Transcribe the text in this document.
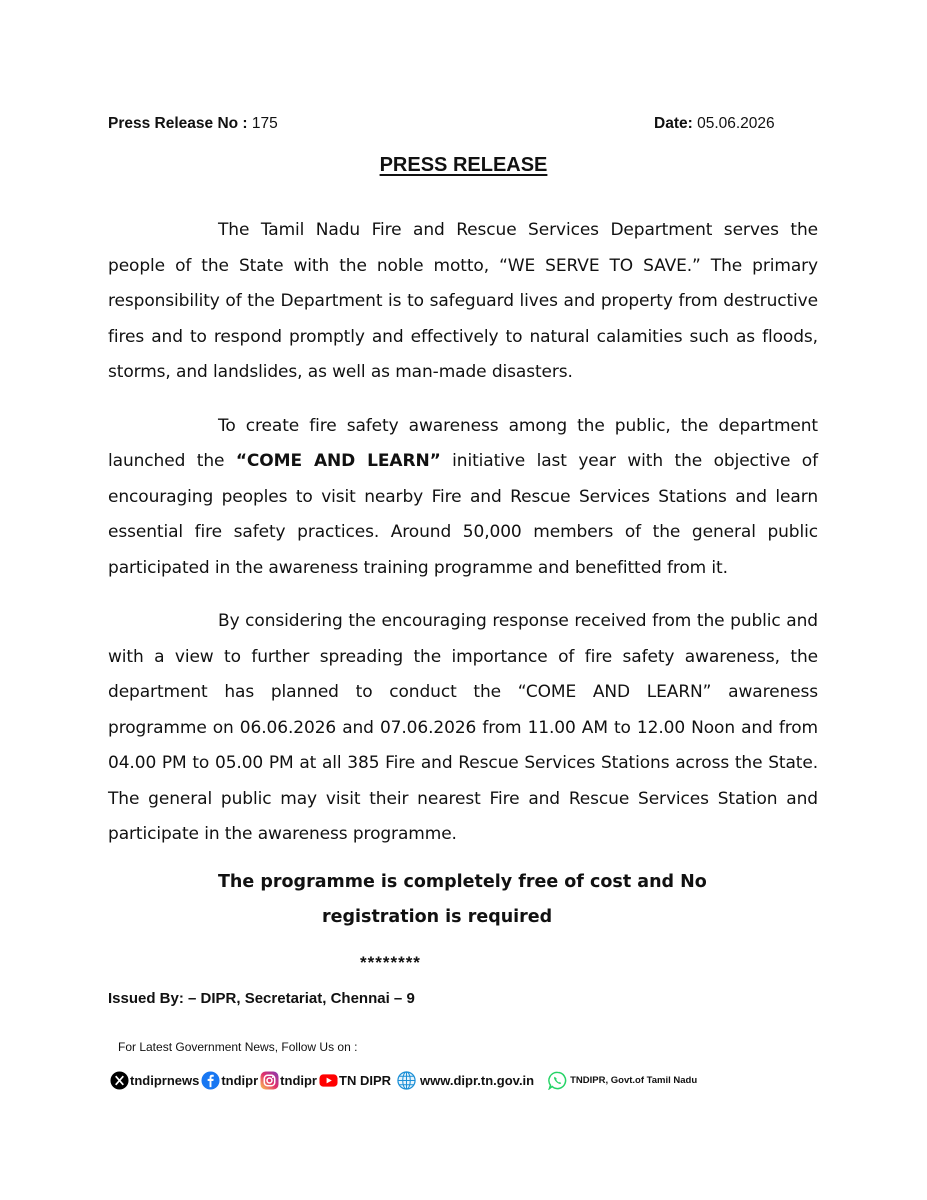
Press Release No : 175	Date: 05.06.2026
PRESS RELEASE

The Tamil Nadu Fire and Rescue Services Department serves the people of the State with the noble motto, “WE SERVE TO SAVE.” The primary responsibility of the Department is to safeguard lives and property from destructive fires and to respond promptly and effectively to natural calamities such as floods, storms, and landslides, as well as man-made disasters.

To create fire safety awareness among the public, the department launched the “COME AND LEARN” initiative last year with the objective of encouraging peoples to visit nearby Fire and Rescue Services Stations and learn essential fire safety practices. Around 50,000 members of the general public participated in the awareness training programme and benefitted from it.

By considering the encouraging response received from the public and with a view to further spreading the importance of fire safety awareness, the department has planned to conduct the “COME AND LEARN” awareness programme on 06.06.2026 and 07.06.2026 from 11.00 AM to 12.00 Noon and from 04.00 PM to 05.00 PM at all 385 Fire and Rescue Services Stations across the State. The general public may visit their nearest Fire and Rescue Services Station and participate in the awareness programme.

The programme is completely free of cost and No
registration is required
********
Issued By: – DIPR, Secretariat, Chennai – 9
For Latest Government News, Follow Us on :
tndiprnews tndipr tndipr TN DIPR www.dipr.tn.gov.in	TNDIPR, Govt.of Tamil Nadu
